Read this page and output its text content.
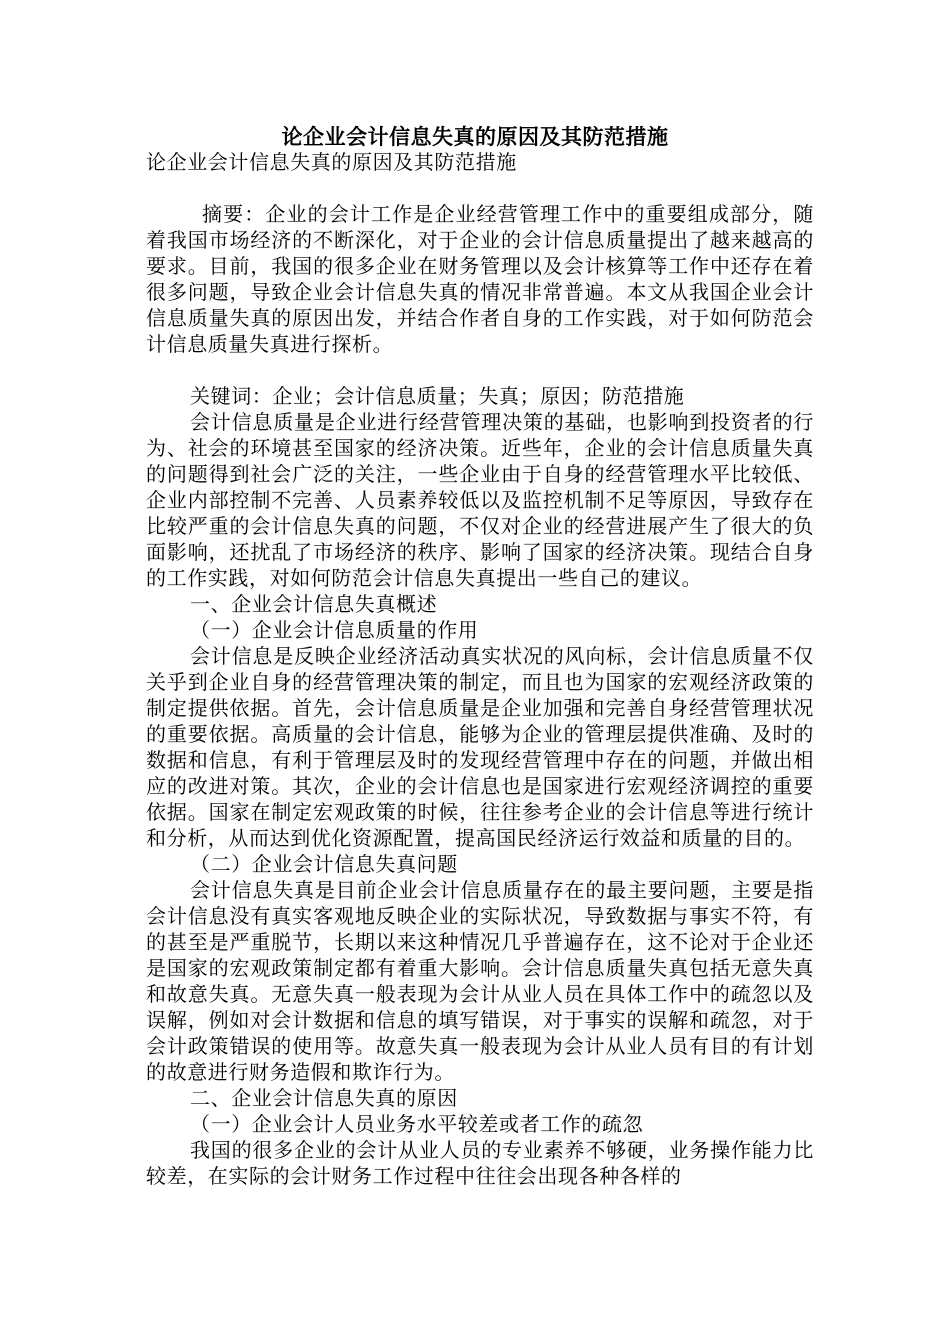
论企业会计信息失真的原因及其防范措施

论企业会计信息失真的原因及其防范措施

摘要：企业的会计工作是企业经营管理工作中的重要组成部分，随着我国市场经济的不断深化，对于企业的会计信息质量提出了越来越高的要求。目前，我国的很多企业在财务管理以及会计核算等工作中还存在着很多问题，导致企业会计信息失真的情况非常普遍。本文从我国企业会计信息质量失真的原因出发，并结合作者自身的工作实践，对于如何防范会计信息质量失真进行探析。

关键词：企业；会计信息质量；失真；原因；防范措施

会计信息质量是企业进行经营管理决策的基础，也影响到投资者的行为、社会的环境甚至国家的经济决策。近些年，企业的会计信息质量失真的问题得到社会广泛的关注，一些企业由于自身的经营管理水平比较低、企业内部控制不完善、人员素养较低以及监控机制不足等原因，导致存在比较严重的会计信息失真的问题，不仅对企业的经营进展产生了很大的负面影响，还扰乱了市场经济的秩序、影响了国家的经济决策。现结合自身的工作实践，对如何防范会计信息失真提出一些自己的建议。

一、企业会计信息失真概述

（一）企业会计信息质量的作用

会计信息是反映企业经济活动真实状况的风向标，会计信息质量不仅关乎到企业自身的经营管理决策的制定，而且也为国家的宏观经济政策的制定提供依据。首先，会计信息质量是企业加强和完善自身经营管理状况的重要依据。高质量的会计信息，能够为企业的管理层提供准确、及时的数据和信息，有利于管理层及时的发现经营管理中存在的问题，并做出相应的改进对策。其次，企业的会计信息也是国家进行宏观经济调控的重要依据。国家在制定宏观政策的时候，往往参考企业的会计信息等进行统计和分析，从而达到优化资源配置，提高国民经济运行效益和质量的目的。

（二）企业会计信息失真问题

会计信息失真是目前企业会计信息质量存在的最主要问题，主要是指会计信息没有真实客观地反映企业的实际状况，导致数据与事实不符，有的甚至是严重脱节，长期以来这种情况几乎普遍存在，这不论对于企业还是国家的宏观政策制定都有着重大影响。会计信息质量失真包括无意失真和故意失真。无意失真一般表现为会计从业人员在具体工作中的疏忽以及误解，例如对会计数据和信息的填写错误，对于事实的误解和疏忽，对于会计政策错误的使用等。故意失真一般表现为会计从业人员有目的有计划的故意进行财务造假和欺诈行为。

二、企业会计信息失真的原因

（一）企业会计人员业务水平较差或者工作的疏忽

我国的很多企业的会计从业人员的专业素养不够硬，业务操作能力比较差，在实际的会计财务工作过程中往往会出现各种各样的
